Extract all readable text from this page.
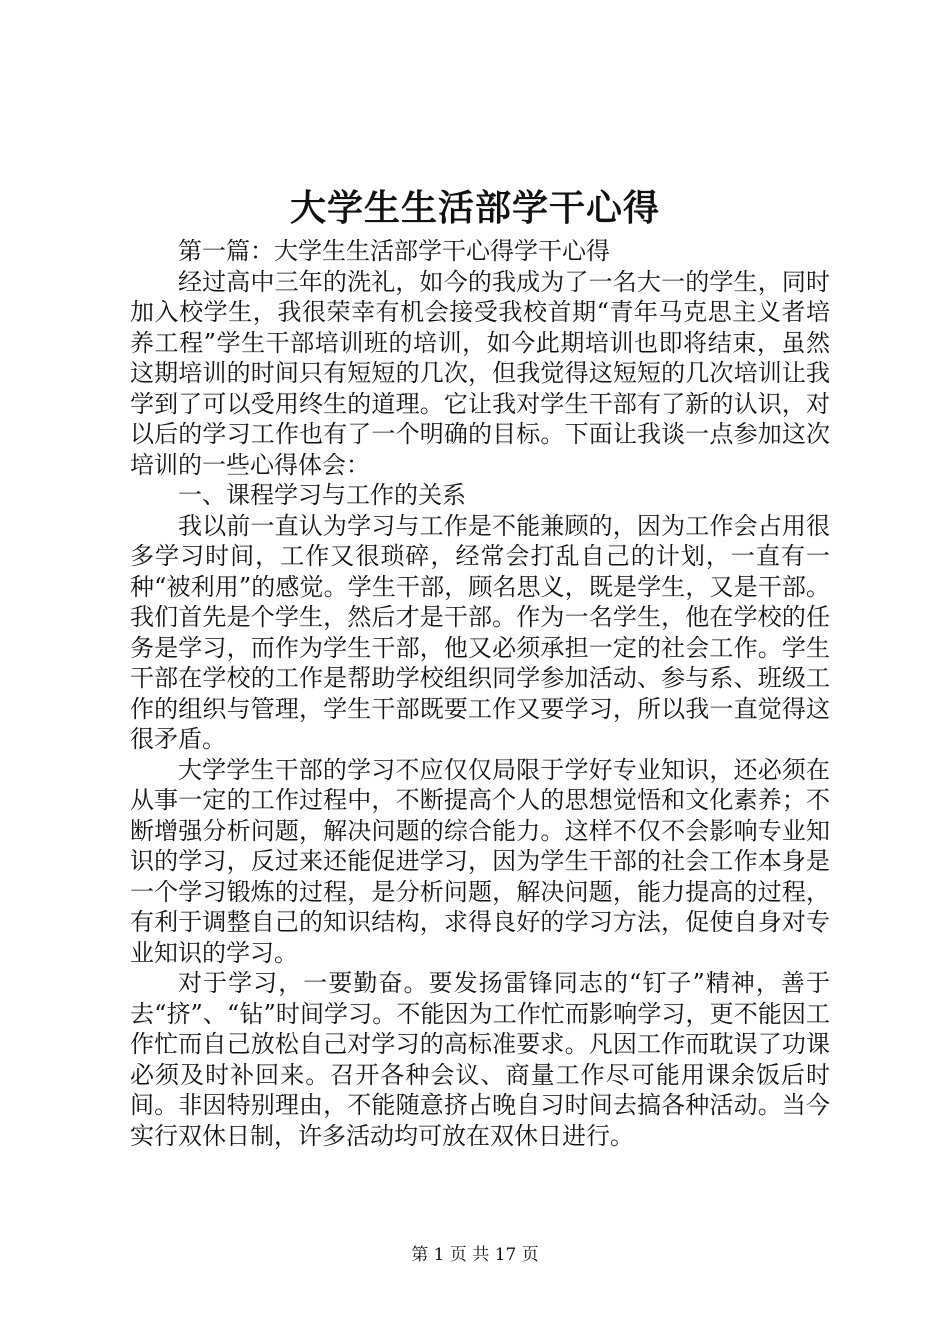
大学生生活部学干心得

第一篇：大学生生活部学干心得学干心得

经过高中三年的洗礼，如今的我成为了一名大一的学生，同时加入校学生，我很荣幸有机会接受我校首期“青年马克思主义者培养工程”学生干部培训班的培训，如今此期培训也即将结束，虽然这期培训的时间只有短短的几次，但我觉得这短短的几次培训让我学到了可以受用终生的道理。它让我对学生干部有了新的认识，对以后的学习工作也有了一个明确的目标。下面让我谈一点参加这次培训的一些心得体会：

一、课程学习与工作的关系

我以前一直认为学习与工作是不能兼顾的，因为工作会占用很多学习时间，工作又很琐碎，经常会打乱自己的计划，一直有一种“被利用”的感觉。学生干部，顾名思义，既是学生，又是干部。我们首先是个学生，然后才是干部。作为一名学生，他在学校的任务是学习，而作为学生干部，他又必须承担一定的社会工作。学生干部在学校的工作是帮助学校组织同学参加活动、参与系、班级工作的组织与管理，学生干部既要工作又要学习，所以我一直觉得这很矛盾。

大学学生干部的学习不应仅仅局限于学好专业知识，还必须在从事一定的工作过程中，不断提高个人的思想觉悟和文化素养；不断增强分析问题，解决问题的综合能力。这样不仅不会影响专业知识的学习，反过来还能促进学习，因为学生干部的社会工作本身是一个学习锻炼的过程，是分析问题，解决问题，能力提高的过程，有利于调整自己的知识结构，求得良好的学习方法，促使自身对专业知识的学习。

对于学习，一要勤奋。要发扬雷锋同志的“钉子”精神，善于去“挤”、“钻”时间学习。不能因为工作忙而影响学习，更不能因工作忙而自己放松自己对学习的高标准要求。凡因工作而耽误了功课必须及时补回来。召开各种会议、商量工作尽可能用课余饭后时间。非因特别理由，不能随意挤占晚自习时间去搞各种活动。当今实行双休日制，许多活动均可放在双休日进行。

第 1 页 共 17 页
